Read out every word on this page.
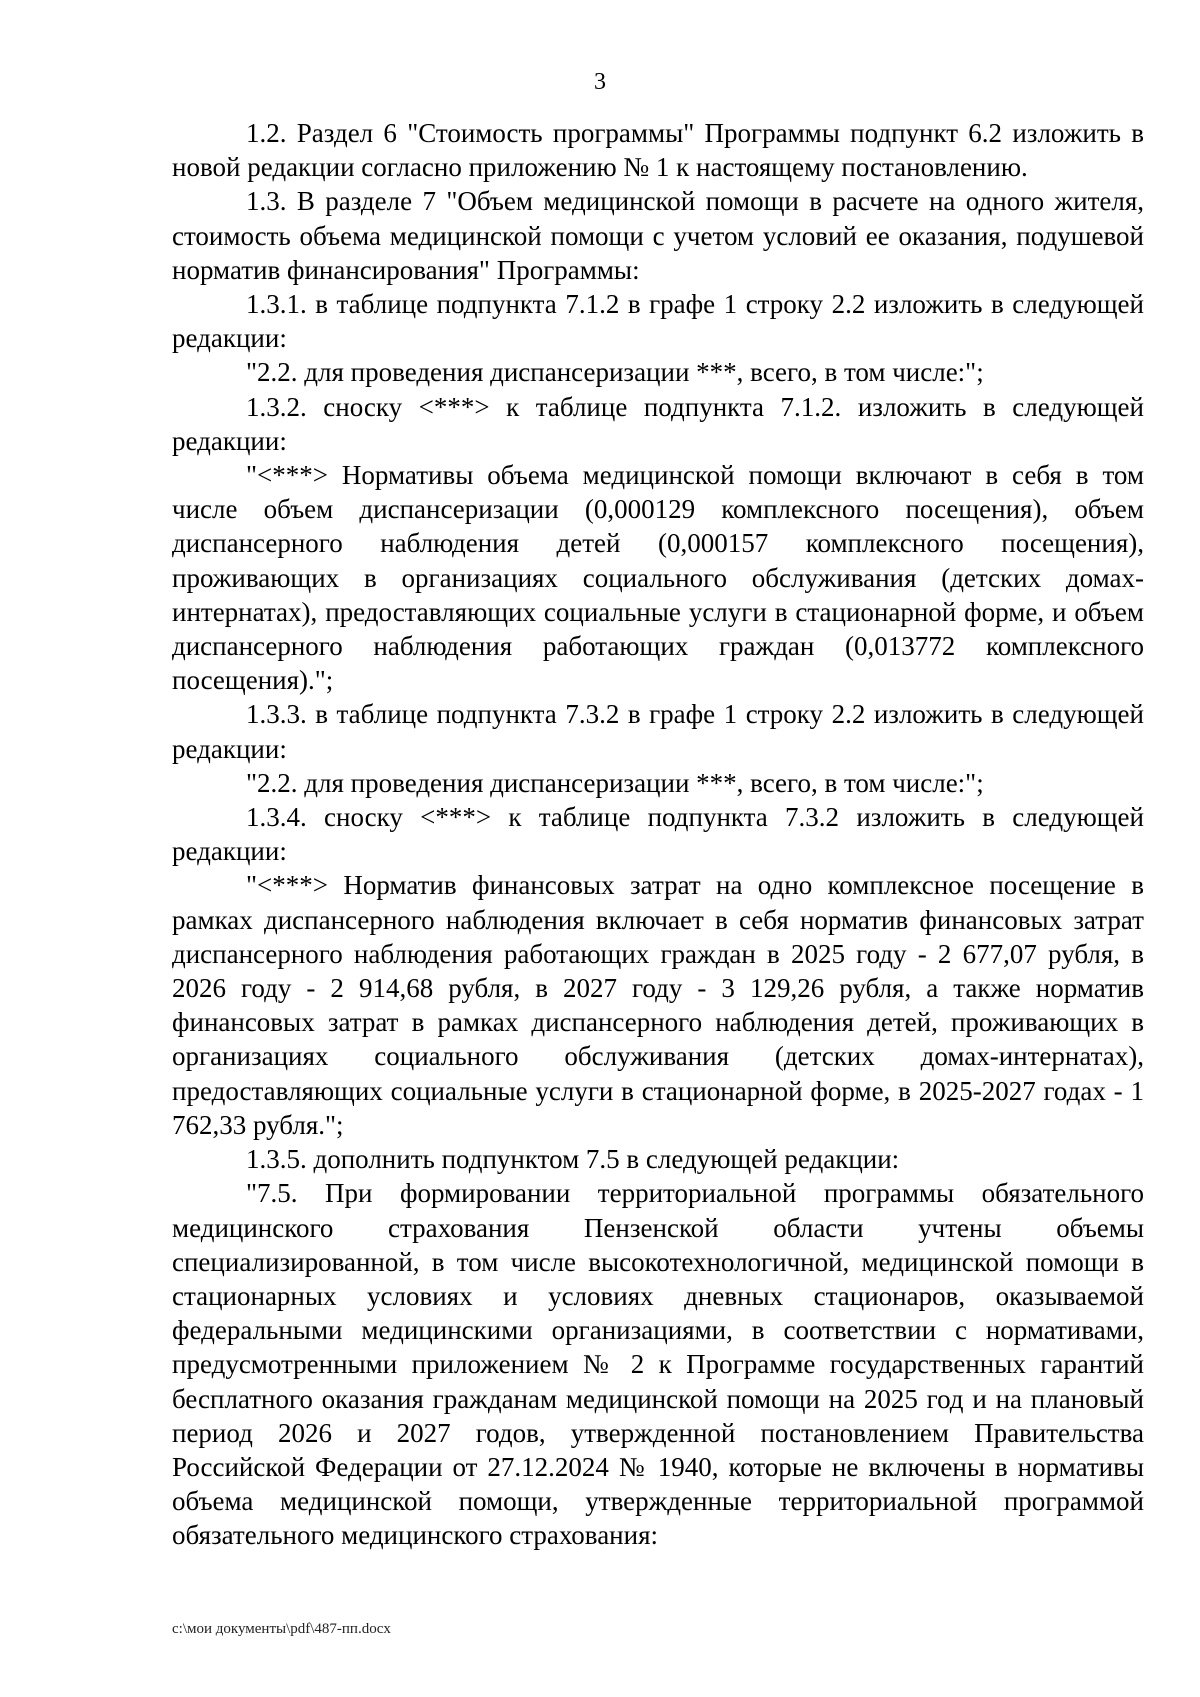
3

1.2. Раздел 6 "Стоимость программы" Программы подпункт 6.2 изложить в новой редакции согласно приложению № 1 к настоящему постановлению.

1.3. В разделе 7 "Объем медицинской помощи в расчете на одного жителя, стоимость объема медицинской помощи с учетом условий ее оказания, подушевой норматив финансирования" Программы:

1.3.1. в таблице подпункта 7.1.2 в графе 1 строку 2.2 изложить в следующей редакции:

"2.2. для проведения диспансеризации ***, всего, в том числе:";

1.3.2. сноску <***> к таблице подпункта 7.1.2. изложить в следующей редакции:

"<***> Нормативы объема медицинской помощи включают в себя в том числе объем диспансеризации (0,000129 комплексного посещения), объем диспансерного наблюдения детей (0,000157 комплексного посещения), проживающих в организациях социального обслуживания (детских домах-интернатах), предоставляющих социальные услуги в стационарной форме, и объем диспансерного наблюдения работающих граждан (0,013772 комплексного посещения).";

1.3.3. в таблице подпункта 7.3.2 в графе 1 строку 2.2 изложить в следующей редакции:

"2.2. для проведения диспансеризации ***, всего, в том числе:";

1.3.4. сноску <***> к таблице подпункта 7.3.2 изложить в следующей редакции:

"<***> Норматив финансовых затрат на одно комплексное посещение в рамках диспансерного наблюдения включает в себя норматив финансовых затрат диспансерного наблюдения работающих граждан в 2025 году - 2 677,07 рубля, в 2026 году - 2 914,68 рубля, в 2027 году - 3 129,26 рубля, а также норматив финансовых затрат в рамках диспансерного наблюдения детей, проживающих в организациях социального обслуживания (детских домах-интернатах), предоставляющих социальные услуги в стационарной форме, в 2025-2027 годах - 1 762,33 рубля.";

1.3.5. дополнить подпунктом 7.5 в следующей редакции:

"7.5. При формировании территориальной программы обязательного медицинского страхования Пензенской области учтены объемы специализированной, в том числе высокотехнологичной, медицинской помощи в стационарных условиях и условиях дневных стационаров, оказываемой федеральными медицинскими организациями, в соответствии с нормативами, предусмотренными приложением № 2 к Программе государственных гарантий бесплатного оказания гражданам медицинской помощи на 2025 год и на плановый период 2026 и 2027 годов, утвержденной постановлением Правительства Российской Федерации от 27.12.2024 № 1940, которые не включены в нормативы объема медицинской помощи, утвержденные территориальной программой обязательного медицинского страхования:

c:\мои документы\pdf\487-пп.docx
